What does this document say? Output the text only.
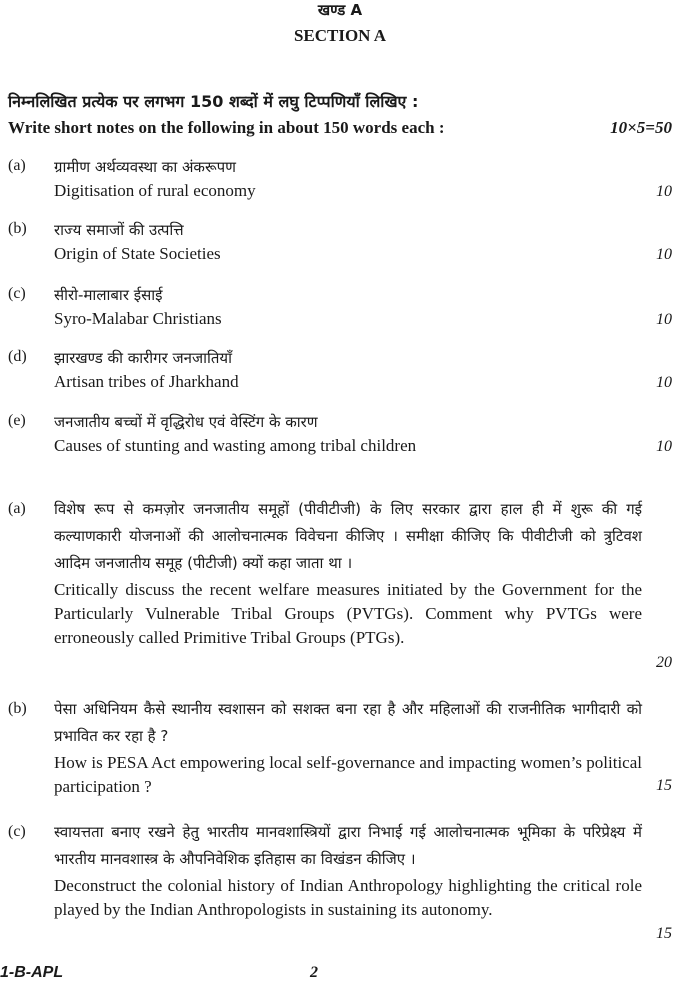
खण्ड A
SECTION A
निम्नलिखित प्रत्येक पर लगभग 150 शब्दों में लघु टिप्पणियाँ लिखिए :
Write short notes on the following in about 150 words each :	10×5=50
(a) ग्रामीण अर्थव्यवस्था का अंकरूपण
Digitisation of rural economy	10
(b) राज्य समाजों की उत्पत्ति
Origin of State Societies	10
(c) सीरो-मालाबार ईसाई
Syro-Malabar Christians	10
(d) झारखण्ड की कारीगर जनजातियाँ
Artisan tribes of Jharkhand	10
(e) जनजातीय बच्चों में वृद्धिरोध एवं वेस्टिंग के कारण
Causes of stunting and wasting among tribal children	10
(a) विशेष रूप से कमज़ोर जनजातीय समूहों (पीवीटीजी) के लिए सरकार द्वारा हाल ही में शुरू की गई कल्याणकारी योजनाओं की आलोचनात्मक विवेचना कीजिए । समीक्षा कीजिए कि पीवीटीजी को त्रुटिवश आदिम जनजातीय समूह (पीटीजी) क्यों कहा जाता था ।
Critically discuss the recent welfare measures initiated by the Government for the Particularly Vulnerable Tribal Groups (PVTGs). Comment why PVTGs were erroneously called Primitive Tribal Groups (PTGs).
20
(b) पेसा अधिनियम कैसे स्थानीय स्वशासन को सशक्त बना रहा है और महिलाओं की राजनीतिक भागीदारी को प्रभावित कर रहा है ?
How is PESA Act empowering local self-governance and impacting women’s political participation ?	15
(c) स्वायत्तता बनाए रखने हेतु भारतीय मानवशास्त्रियों द्वारा निभाई गई आलोचनात्मक भूमिका के परिप्रेक्ष्य में भारतीय मानवशास्त्र के औपनिवेशिक इतिहास का विखंडन कीजिए ।
Deconstruct the colonial history of Indian Anthropology highlighting the critical role played by the Indian Anthropologists in sustaining its autonomy.
15
1-B-APL	2
